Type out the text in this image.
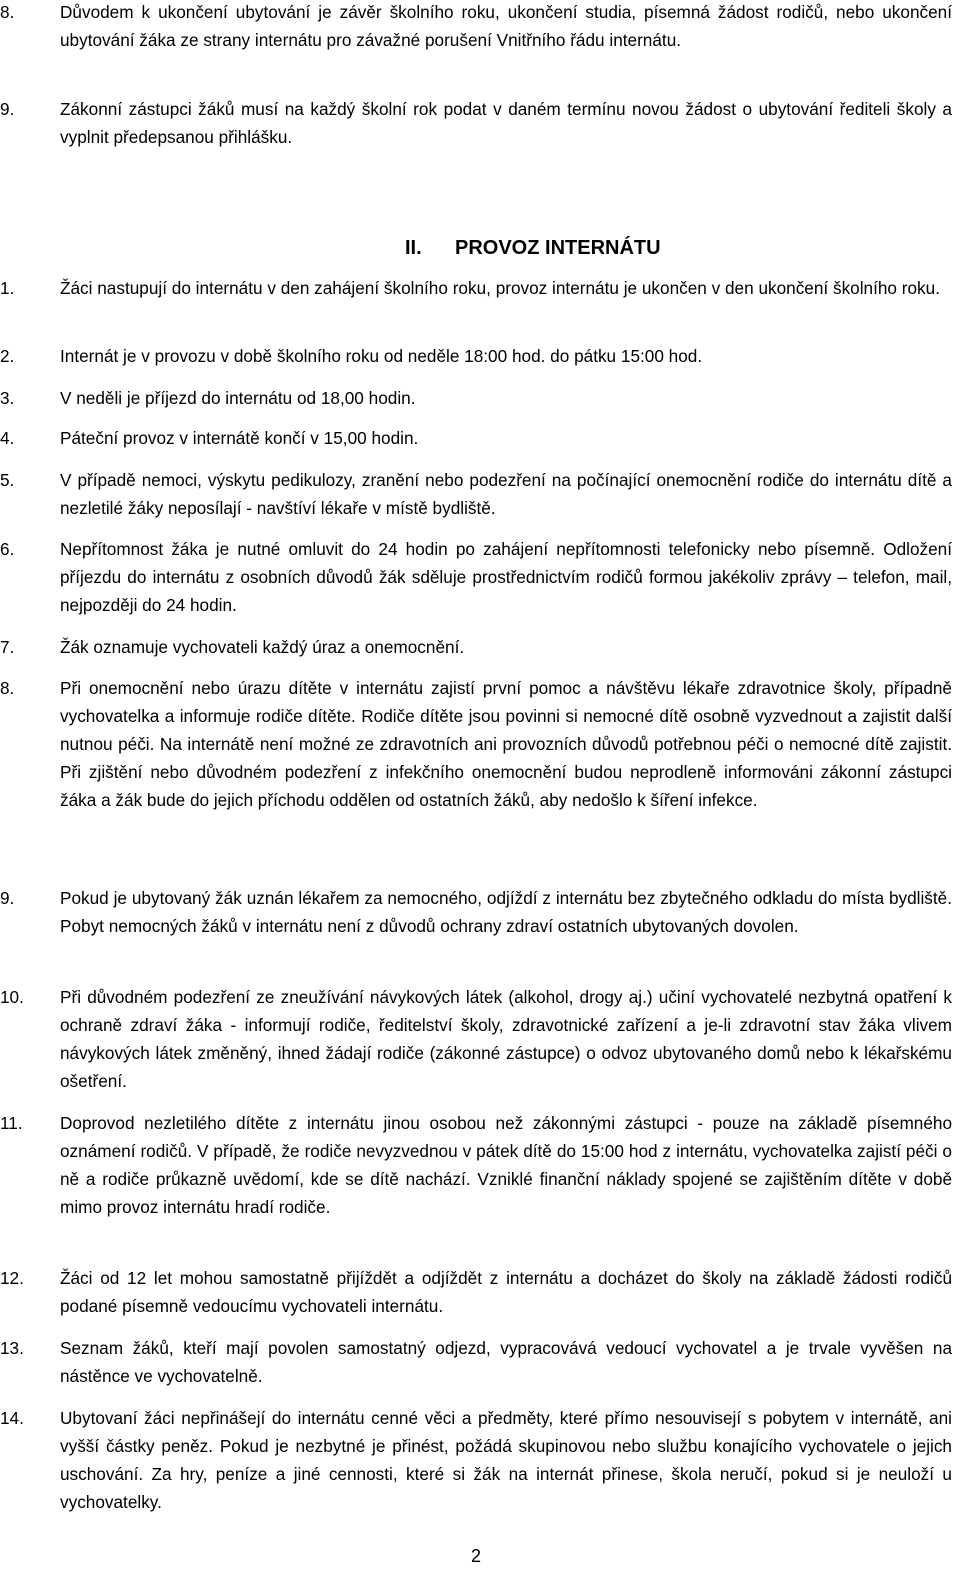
8.	Důvodem k ukončení ubytování je závěr školního roku, ukončení studia, písemná žádost rodičů, nebo ukončení ubytování žáka ze strany internátu pro závažné porušení Vnitřního řádu internátu.
9.	Zákonní zástupci žáků musí na každý školní rok podat v daném termínu novou žádost o ubytování řediteli školy a vyplnit předepsanou přihlášku.
II. PROVOZ INTERNÁTU
1.	Žáci nastupují do internátu v den zahájení školního roku, provoz internátu je ukončen v den ukončení školního roku.
2.	Internát je v provozu v době školního roku od neděle 18:00 hod. do pátku 15:00 hod.
3.	V neděli je příjezd do internátu od 18,00 hodin.
4.	Páteční provoz v internátě končí v 15,00 hodin.
5.	V případě nemoci, výskytu pedikulozy, zranění nebo podezření na počínající onemocnění rodiče do internátu dítě a nezletilé žáky neposílají - navštíví lékaře v místě bydliště.
6.	Nepřítomnost žáka je nutné omluvit do 24 hodin po zahájení nepřítomnosti telefonicky nebo písemně. Odložení příjezdu do internátu z osobních důvodů žák sděluje prostřednictvím rodičů formou jakékoliv zprávy – telefon, mail, nejpozději do 24 hodin.
7.	Žák oznamuje vychovateli každý úraz a onemocnění.
8.	Při onemocnění nebo úrazu dítěte v internátu zajistí první pomoc a návštěvu lékaře zdravotnice školy, případně vychovatelka a informuje rodiče dítěte. Rodiče dítěte jsou povinni si nemocné dítě osobně vyzvednout a zajistit další nutnou péči. Na internátě není možné ze zdravotních ani provozních důvodů potřebnou péči o nemocné dítě zajistit. Při zjištění nebo důvodném podezření z infekčního onemocnění budou neprodleně informováni zákonní zástupci žáka a žák bude do jejich příchodu oddělen od ostatních žáků, aby nedošlo k šíření infekce.
9.	Pokud je ubytovaný žák uznán lékařem za nemocného, odjíždí z internátu bez zbytečného odkladu do místa bydliště. Pobyt nemocných žáků v internátu není z důvodů ochrany zdraví ostatních ubytovaných dovolen.
10.	Při důvodném podezření ze zneužívání návykových látek (alkohol, drogy aj.) učiní vychovatelé nezbytná opatření k ochraně zdraví žáka - informují rodiče, ředitelství školy, zdravotnické zařízení a je-li zdravotní stav žáka vlivem návykových látek změněný, ihned žádají rodiče (zákonné zástupce) o odvoz ubytovaného domů nebo k lékařskému ošetření.
11.	Doprovod nezletilého dítěte z internátu jinou osobou než zákonnými zástupci - pouze na základě písemného oznámení rodičů. V případě, že rodiče nevyzvednou v pátek dítě do 15:00 hod z internátu, vychovatelka zajistí péči o ně a rodiče průkazně uvědomí, kde se dítě nachází. Vzniklé finanční náklady spojené se zajištěním dítěte v době mimo provoz internátu hradí rodiče.
12.	Žáci od 12 let mohou samostatně přijíždět a odjíždět z internátu a docházet do školy na základě žádosti rodičů podané písemně vedoucímu vychovateli internátu.
13.	Seznam žáků, kteří mají povolen samostatný odjezd, vypracovává vedoucí vychovatel a je trvale vyvěšen na nástěnce ve vychovatelně.
14.	Ubytovaní žáci nepřinášejí do internátu cenné věci a předměty, které přímo nesouvisejí s pobytem v internátě, ani vyšší částky peněz. Pokud je nezbytné je přinést, požádá skupinovou nebo službu konajícího vychovatele o jejich uschování. Za hry, peníze a jiné cennosti, které si žák na internát přinese, škola neručí, pokud si je neuloží u vychovatelky.
2
